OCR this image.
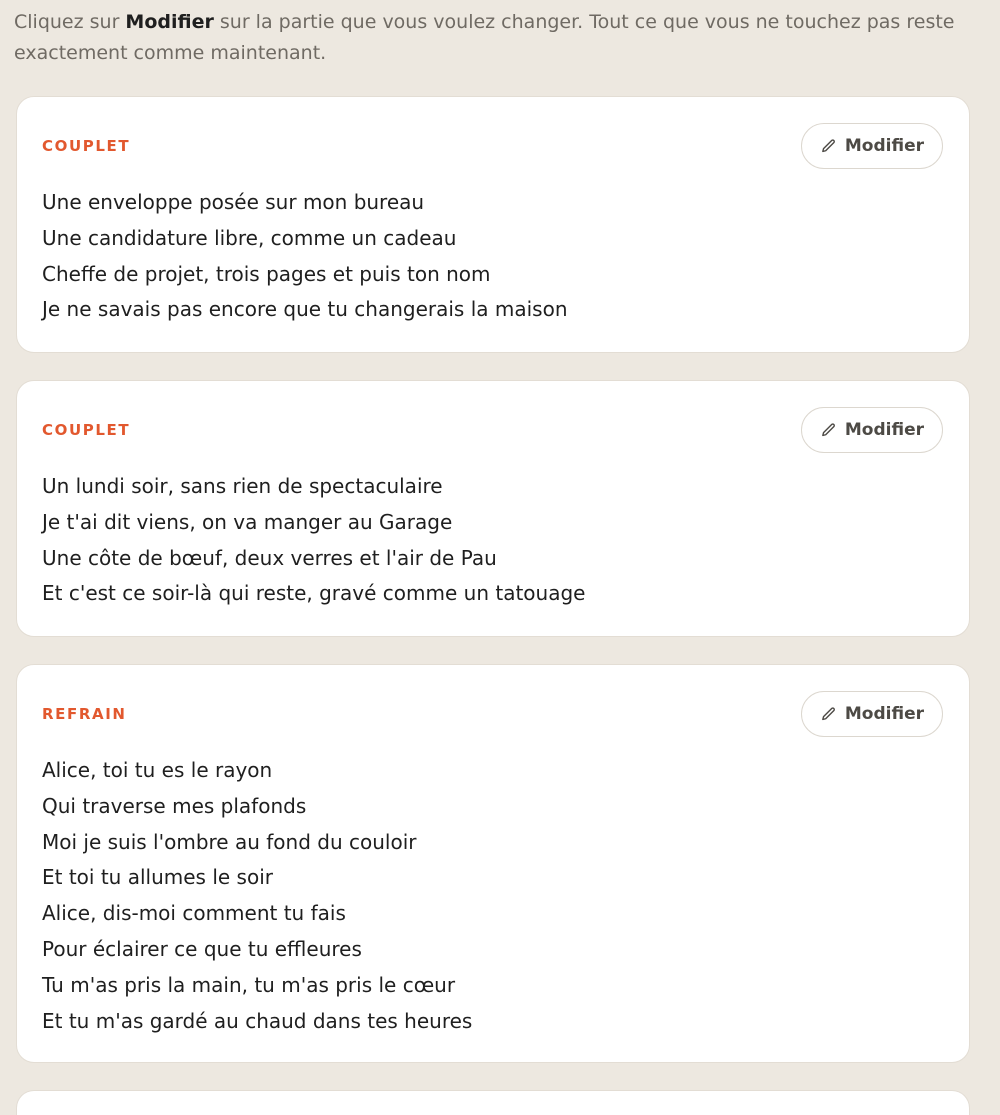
Cliquez sur Modifier sur la partie que vous voulez changer. Tout ce que vous ne touchez pas reste exactement comme maintenant.

COUPLET	Modifier
Une enveloppe posée sur mon bureau
Une candidature libre, comme un cadeau
Cheffe de projet, trois pages et puis ton nom
Je ne savais pas encore que tu changerais la maison
COUPLET	Modifier
Un lundi soir, sans rien de spectaculaire
Je t'ai dit viens, on va manger au Garage
Une côte de bœuf, deux verres et l'air de Pau
Et c'est ce soir-là qui reste, gravé comme un tatouage
REFRAIN	Modifier
Alice, toi tu es le rayon
Qui traverse mes plafonds
Moi je suis l'ombre au fond du couloir
Et toi tu allumes le soir
Alice, dis-moi comment tu fais
Pour éclairer ce que tu effleures
Tu m'as pris la main, tu m'as pris le cœur
Et tu m'as gardé au chaud dans tes heures
